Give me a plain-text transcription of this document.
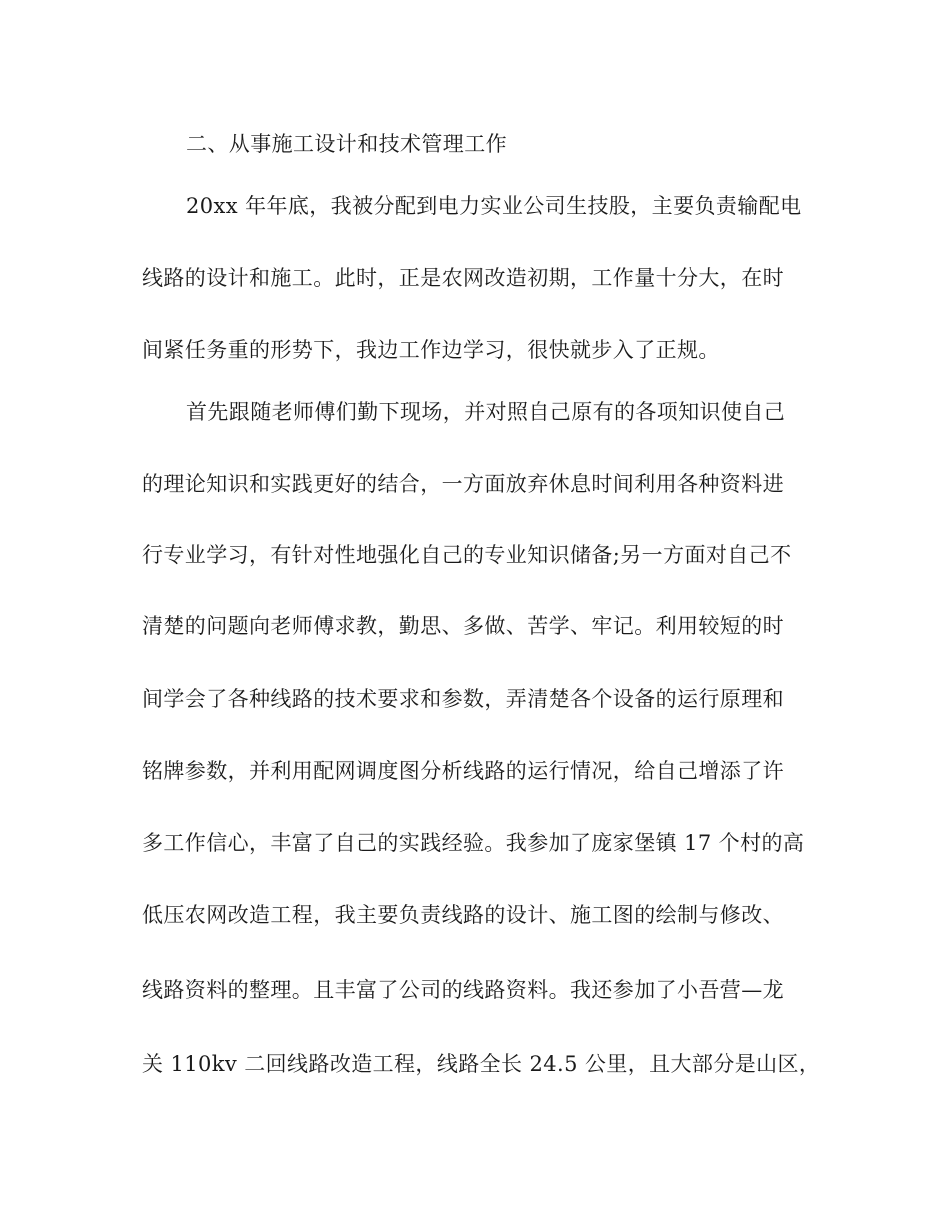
二、从事施工设计和技术管理工作
20xx 年年底，我被分配到电力实业公司生技股，主要负责输配电
线路的设计和施工。此时，正是农网改造初期，工作量十分大，在时
间紧任务重的形势下，我边工作边学习，很快就步入了正规。
首先跟随老师傅们勤下现场，并对照自己原有的各项知识使自己
的理论知识和实践更好的结合，一方面放弃休息时间利用各种资料进
行专业学习，有针对性地强化自己的专业知识储备;另一方面对自己不
清楚的问题向老师傅求教，勤思、多做、苦学、牢记。利用较短的时
间学会了各种线路的技术要求和参数，弄清楚各个设备的运行原理和
铭牌参数，并利用配网调度图分析线路的运行情况，给自己增添了许
多工作信心，丰富了自己的实践经验。我参加了庞家堡镇 17 个村的高
低压农网改造工程，我主要负责线路的设计、施工图的绘制与修改、
线路资料的整理。且丰富了公司的线路资料。我还参加了小吾营—龙
关 110kv 二回线路改造工程，线路全长 24.5 公里，且大部分是山区，
